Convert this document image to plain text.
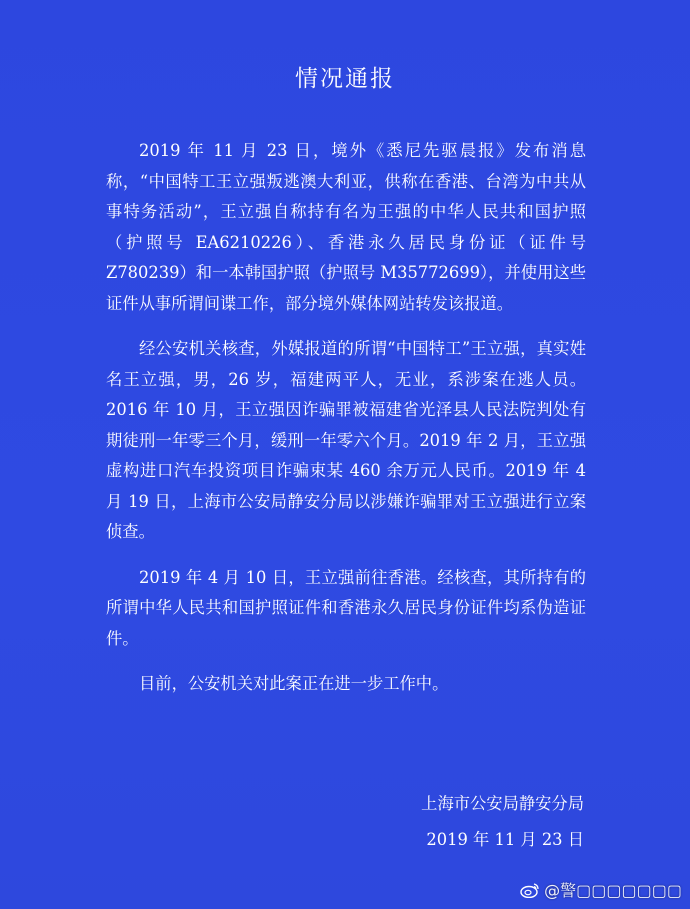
情况通报

2019 年 11 月 23 日，境外《悉尼先驱晨报》发布消息称，“中国特工王立强叛逃澳大利亚，供称在香港、台湾为中共从事特务活动”，王立强自称持有名为王强的中华人民共和国护照（护照号 EA6210226）、香港永久居民身份证（证件号 Z780239）和一本韩国护照（护照号 M35772699），并使用这些证件从事所谓间谍工作，部分境外媒体网站转发该报道。

经公安机关核查，外媒报道的所谓“中国特工”王立强，真实姓名王立强，男，26 岁，福建两平人，无业，系涉案在逃人员。2016 年 10 月，王立强因诈骗罪被福建省光泽县人民法院判处有期徒刑一年零三个月，缓刑一年零六个月。2019 年 2 月，王立强虚构进口汽车投资项目诈骗束某 460 余万元人民币。2019 年 4 月 19 日，上海市公安局静安分局以涉嫌诈骗罪对王立强进行立案侦查。

2019 年 4 月 10 日，王立强前往香港。经核查，其所持有的所谓中华人民共和国护照证件和香港永久居民身份证件均系伪造证件。

目前，公安机关对此案正在进一步工作中。

上海市公安局静安分局
2019 年 11 月 23 日
@警▢▢▢▢▢▢▢
